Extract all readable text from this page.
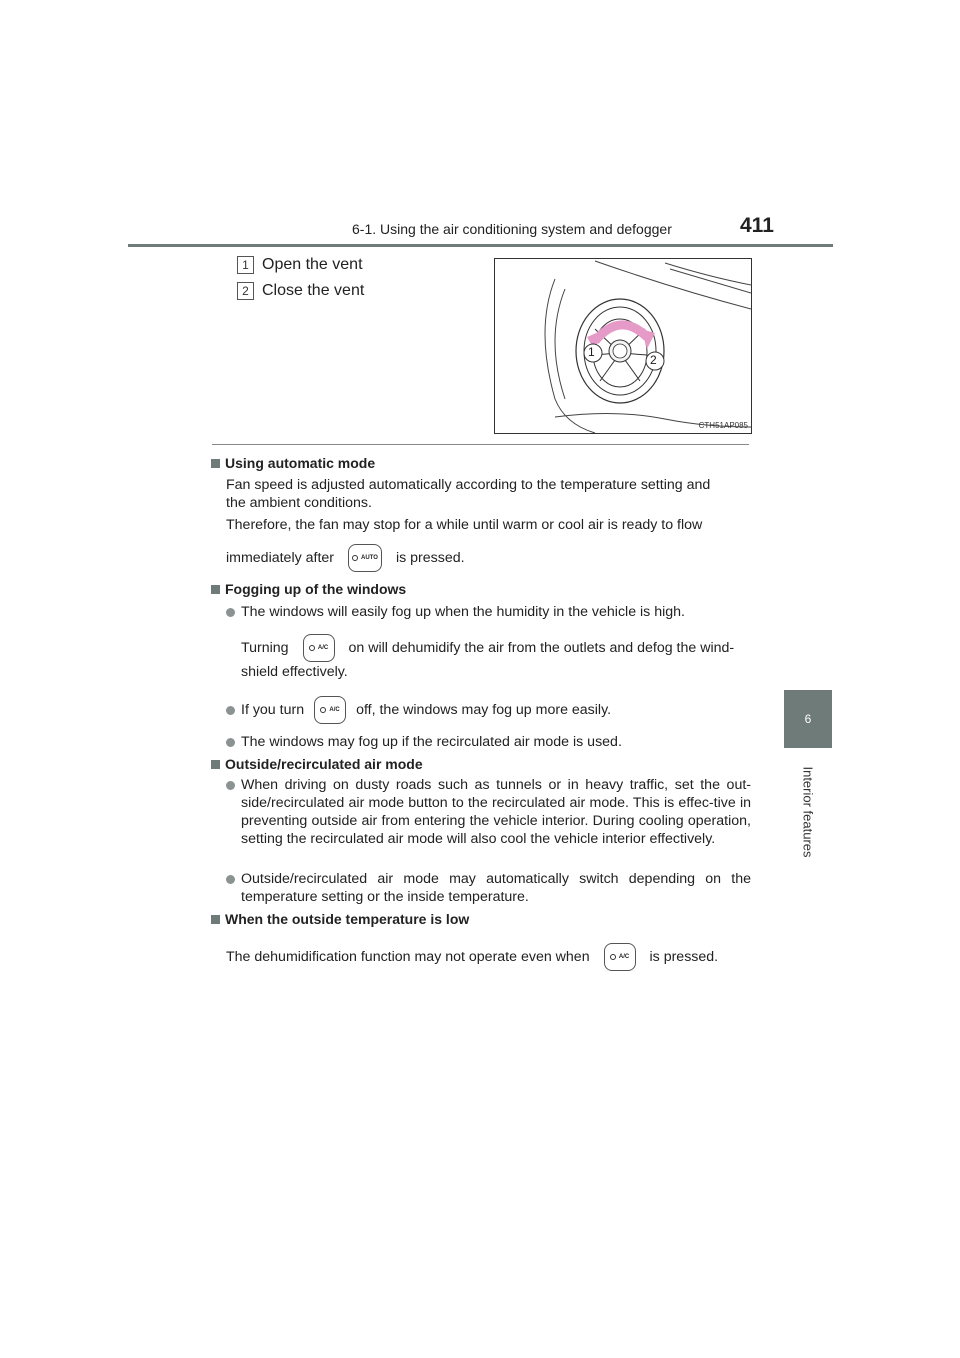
6-1. Using the air conditioning system and defogger	411
6
Interior features
1 Open the vent
2 Close the vent
1
2
CTH51AP085
Using automatic mode
Fan speed is adjusted automatically according to the temperature setting and
the ambient conditions.
Therefore, the fan may stop for a while until warm or cool air is ready to flow
immediately after	AUTO is pressed.
Fogging up of the windows
The windows will easily fog up when the humidity in the vehicle is high.
Turning	A/C on will dehumidify the air from the outlets and defog the wind-
shield effectively.
If you turn	A/C off, the windows may fog up more easily.
The windows may fog up if the recirculated air mode is used.
Outside/recirculated air mode
When driving on dusty roads such as tunnels or in heavy traffic, set the out-side/recirculated air mode button to the recirculated air mode. This is effec-tive in preventing outside air from entering the vehicle interior. During cooling operation, setting the recirculated air mode will also cool the vehicle interior effectively.
Outside/recirculated air mode may automatically switch depending on the temperature setting or the inside temperature.
When the outside temperature is low
The dehumidification function may not operate even when	A/C is pressed.
